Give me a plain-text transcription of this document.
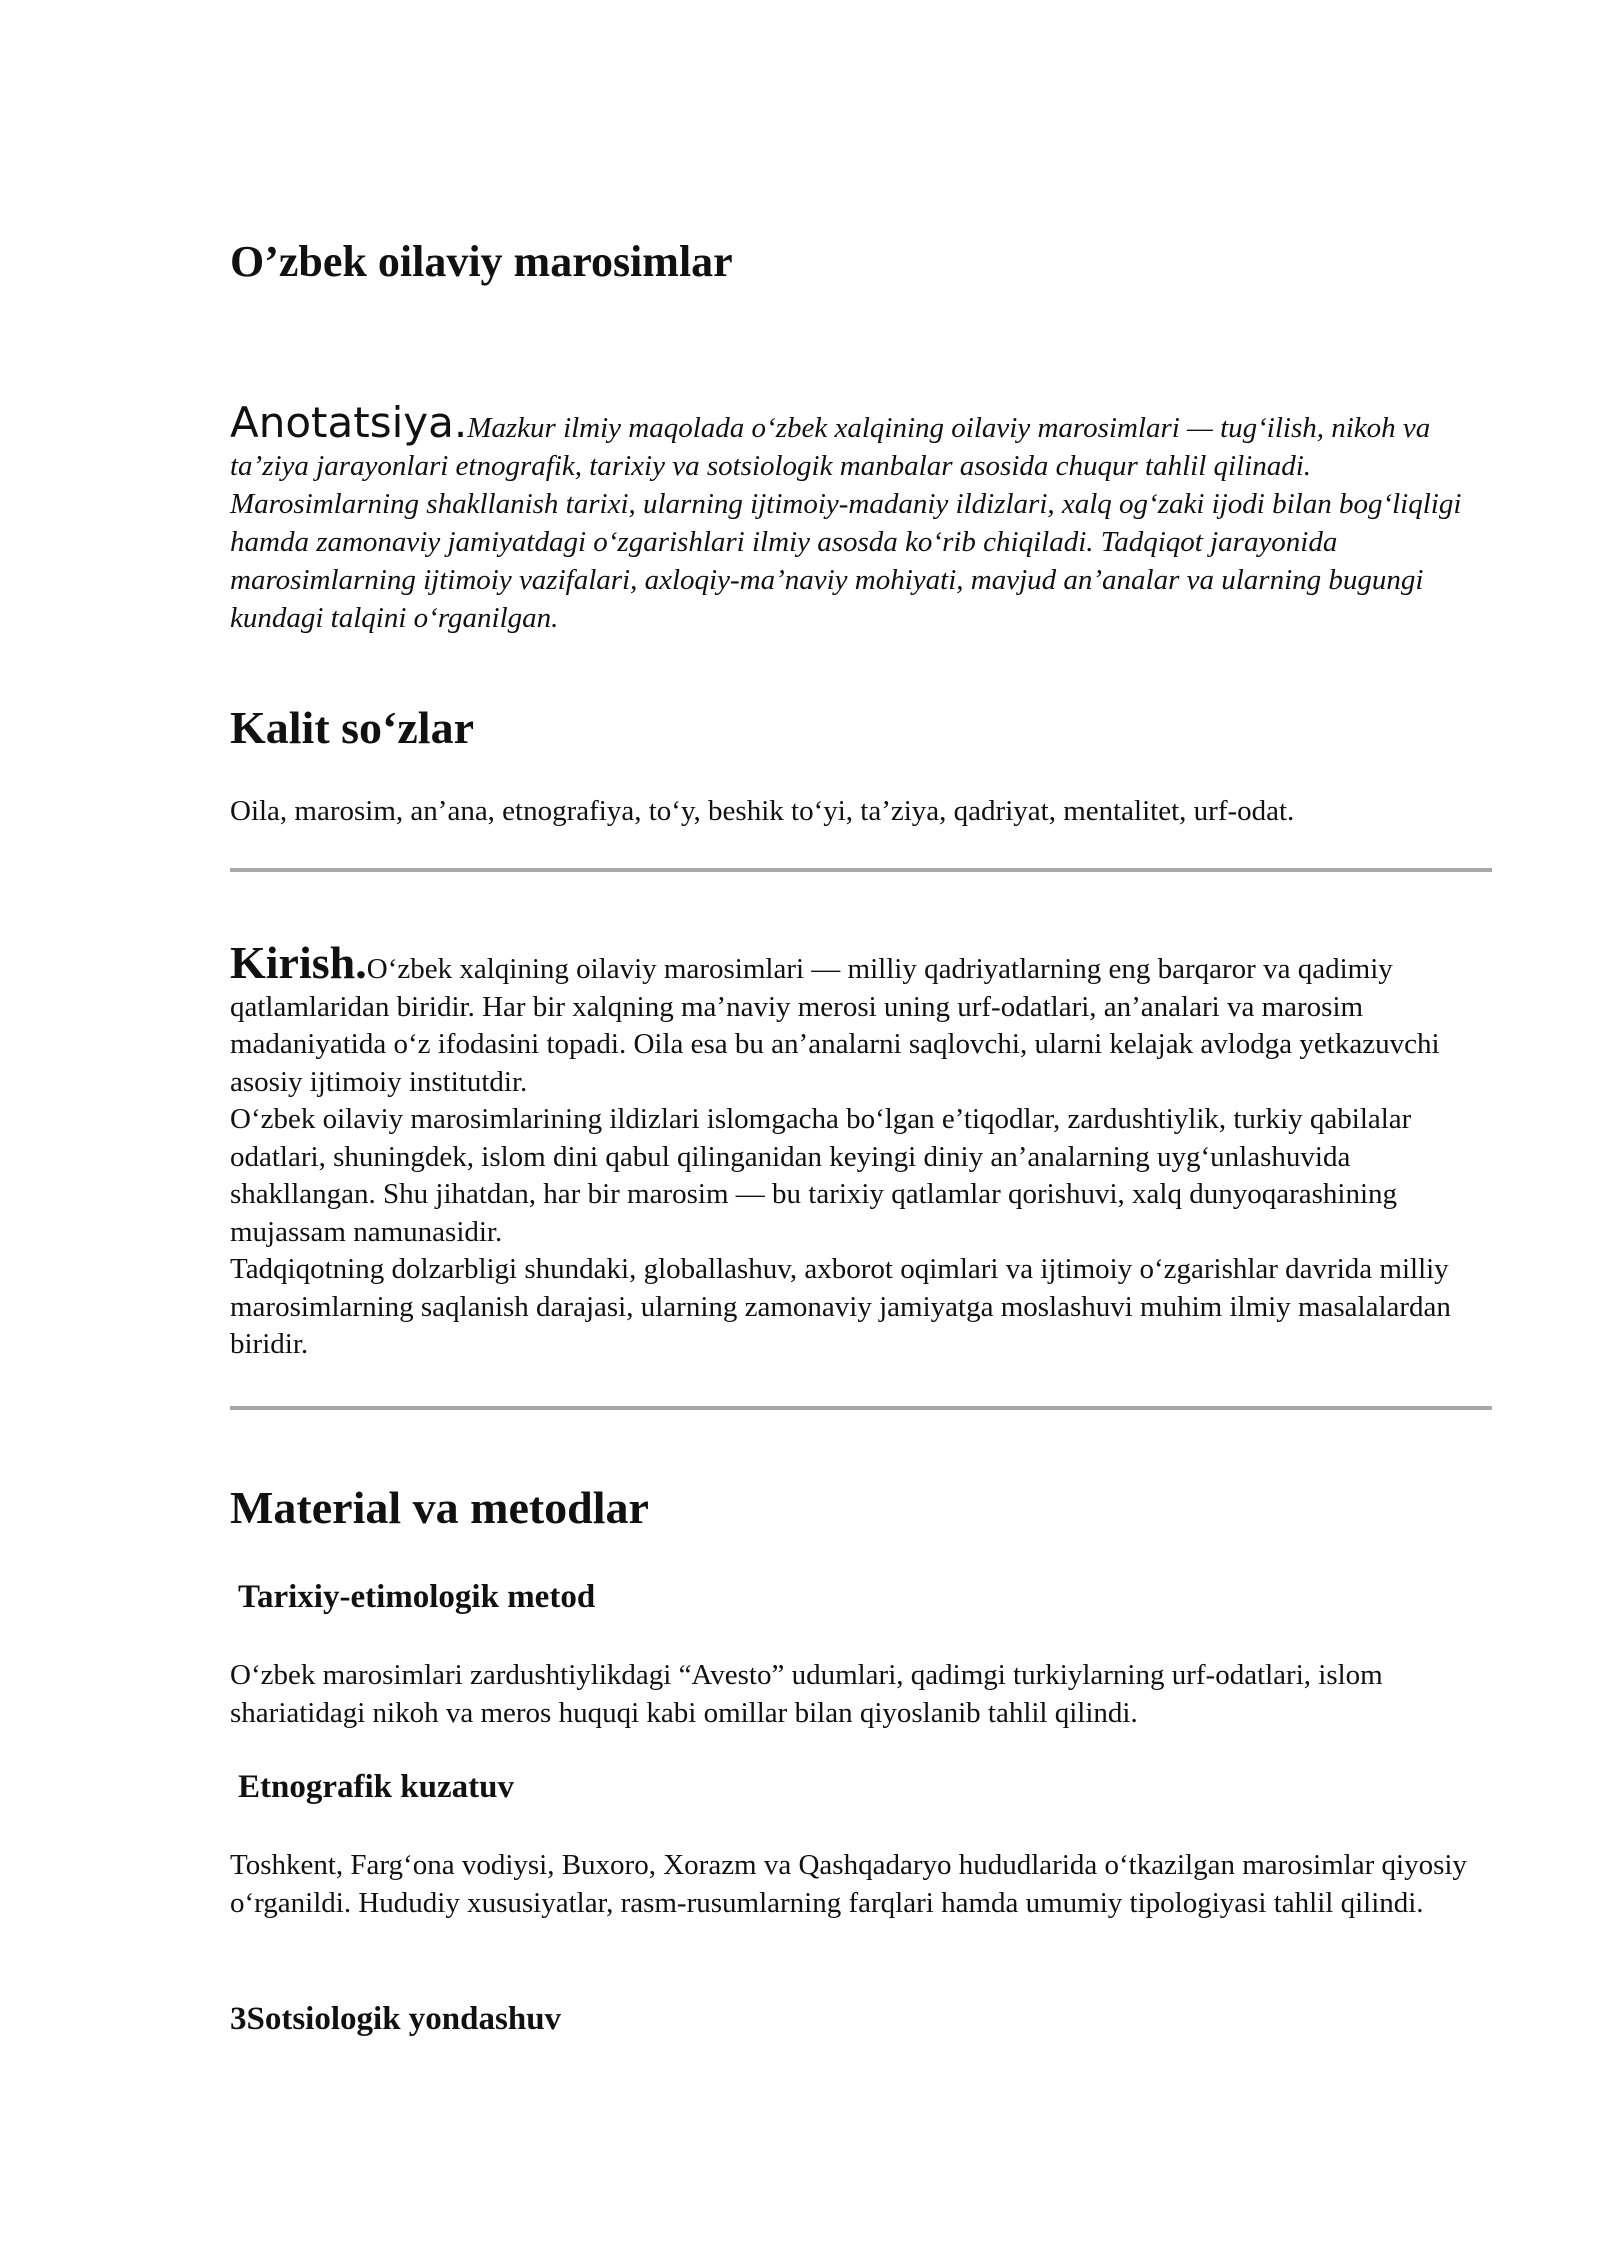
O’zbek oilaviy marosimlar

Anotatsiya.Mazkur ilmiy maqolada o‘zbek xalqining oilaviy marosimlari — tug‘ilish, nikoh va ta’ziya jarayonlari etnografik, tarixiy va sotsiologik manbalar asosida chuqur tahlil qilinadi. Marosimlarning shakllanish tarixi, ularning ijtimoiy-madaniy ildizlari, xalq og‘zaki ijodi bilan bog‘liqligi hamda zamonaviy jamiyatdagi o‘zgarishlari ilmiy asosda ko‘rib chiqiladi. Tadqiqot jarayonida marosimlarning ijtimoiy vazifalari, axloqiy-ma’naviy mohiyati, mavjud an’analar va ularning bugungi kundagi talqini o‘rganilgan.

Kalit so‘zlar

Oila, marosim, an’ana, etnografiya, to‘y, beshik to‘yi, ta’ziya, qadriyat, mentalitet, urf-odat.

Kirish.O‘zbek xalqining oilaviy marosimlari — milliy qadriyatlarning eng barqaror va qadimiy qatlamlaridan biridir. Har bir xalqning ma’naviy merosi uning urf-odatlari, an’analari va marosim madaniyatida o‘z ifodasini topadi. Oila esa bu an’analarni saqlovchi, ularni kelajak avlodga yetkazuvchi asosiy ijtimoiy institutdir.

O‘zbek oilaviy marosimlarining ildizlari islomgacha bo‘lgan e’tiqodlar, zardushtiylik, turkiy qabilalar odatlari, shuningdek, islom dini qabul qilinganidan keyingi diniy an’analarning uyg‘unlashuvida shakllangan. Shu jihatdan, har bir marosim — bu tarixiy qatlamlar qorishuvi, xalq dunyoqarashining mujassam namunasidir.

Tadqiqotning dolzarbligi shundaki, globallashuv, axborot oqimlari va ijtimoiy o‘zgarishlar davrida milliy marosimlarning saqlanish darajasi, ularning zamonaviy jamiyatga moslashuvi muhim ilmiy masalalardan biridir.

Material va metodlar
Tarixiy-etimologik metod

O‘zbek marosimlari zardushtiylikdagi “Avesto” udumlari, qadimgi turkiylarning urf-odatlari, islom shariatidagi nikoh va meros huquqi kabi omillar bilan qiyoslanib tahlil qilindi.

Etnografik kuzatuv

Toshkent, Farg‘ona vodiysi, Buxoro, Xorazm va Qashqadaryo hududlarida o‘tkazilgan marosimlar qiyosiy o‘rganildi. Hududiy xususiyatlar, rasm-rusumlarning farqlari hamda umumiy tipologiyasi tahlil qilindi.

3Sotsiologik yondashuv
